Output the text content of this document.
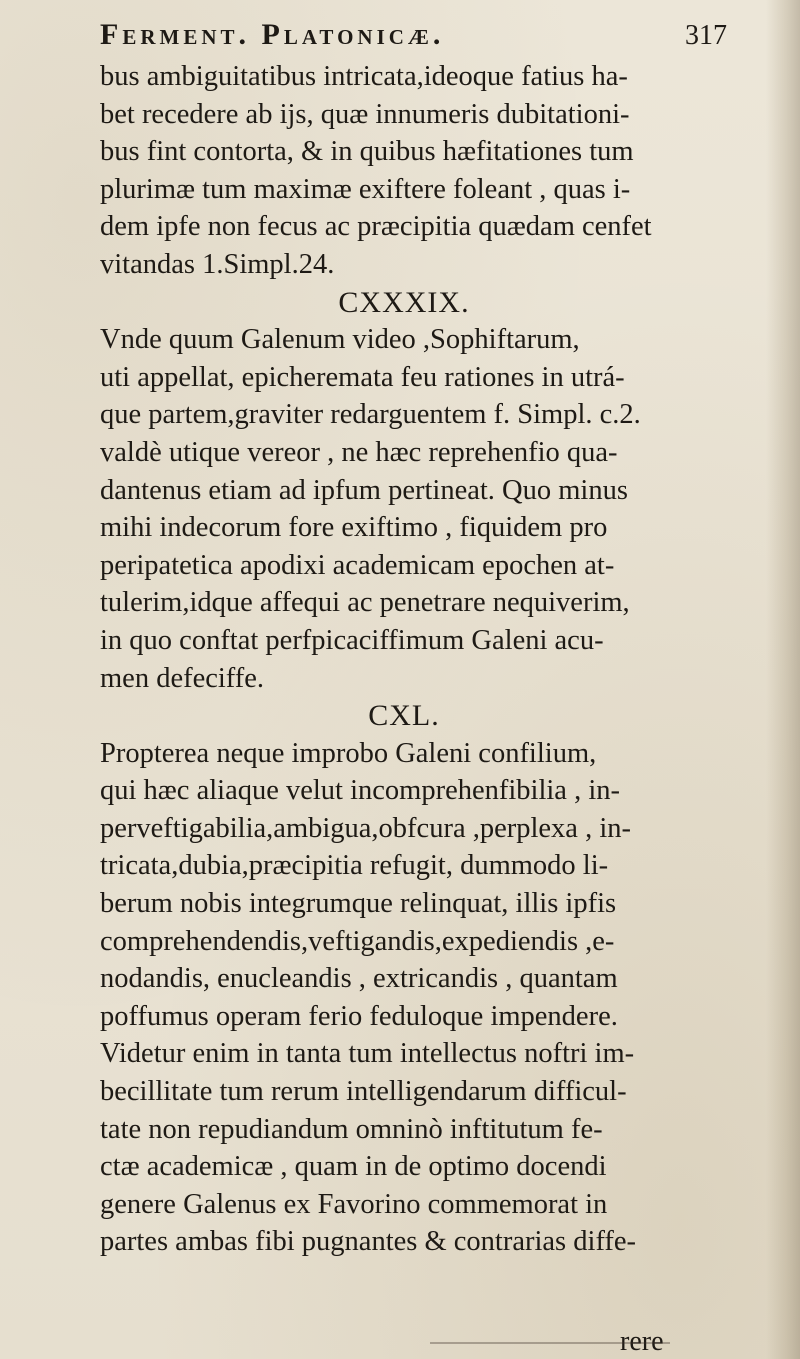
Ferment. Platonicæ.	317
bus ambiguitatibus intricata,ideoque fatius ha-
bet recedere ab ijs, quæ innumeris dubitationi-
bus fint contorta, & in quibus hæfitationes tum
plurimæ tum maximæ exiftere foleant , quas i-
dem ipfe non fecus ac præcipitia quædam cenfet
vitandas 1.Simpl.24.
CXXXIX.
Vnde quum Galenum video ,Sophiftarum,
uti appellat, epicheremata feu rationes in utrá-
que partem,graviter redarguentem f. Simpl. c.2.
valdè utique vereor , ne hæc reprehenfio qua-
dantenus etiam ad ipfum pertineat. Quo minus
mihi indecorum fore exiftimo , fiquidem pro
peripatetica apodixi academicam epochen at-
tulerim,idque affequi ac penetrare nequiverim,
in quo conftat perfpicaciffimum Galeni acu-
men defeciffe.
CXL.
Propterea neque improbo Galeni confilium,
qui hæc aliaque velut incomprehenfibilia , in-
perveftigabilia,ambigua,obfcura ,perplexa , in-
tricata,dubia,præcipitia refugit, dummodo li-
berum nobis integrumque relinquat, illis ipfis
comprehendendis,veftigandis,expediendis ,e-
nodandis, enucleandis , extricandis , quantam
poffumus operam ferio feduloque impendere.
Videtur enim in tanta tum intellectus noftri im-
becillitate tum rerum intelligendarum difficul-
tate non repudiandum omninò inftitutum fe-
ctæ academicæ , quam in de optimo docendi
genere Galenus ex Favorino commemorat in
partes ambas fibi pugnantes & contrarias diffe-
rere
